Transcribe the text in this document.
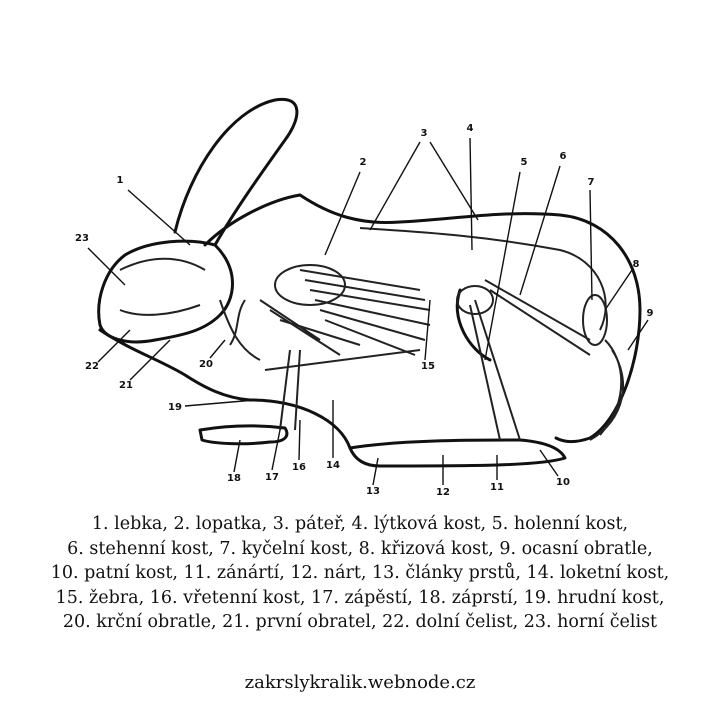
1
2
3	4
5
6
7
8
9
10
11
12
13
14
15
16
17
18
19
20
21
22
23
1. lebka, 2. lopatka, 3. páteř, 4. lýtková kost, 5. holenní kost,
6. stehenní kost, 7. kyčelní kost, 8. křizová kost, 9. ocasní obratle,
10. patní kost, 11. zánártí, 12. nárt, 13. články prstů, 14. loketní kost,
15. žebra, 16. vřetenní kost, 17. zápěstí, 18. záprstí, 19. hrudní kost,
20. krční obratle, 21. první obratel, 22. dolní čelist, 23. horní čelist
zakrslykralik.webnode.cz
